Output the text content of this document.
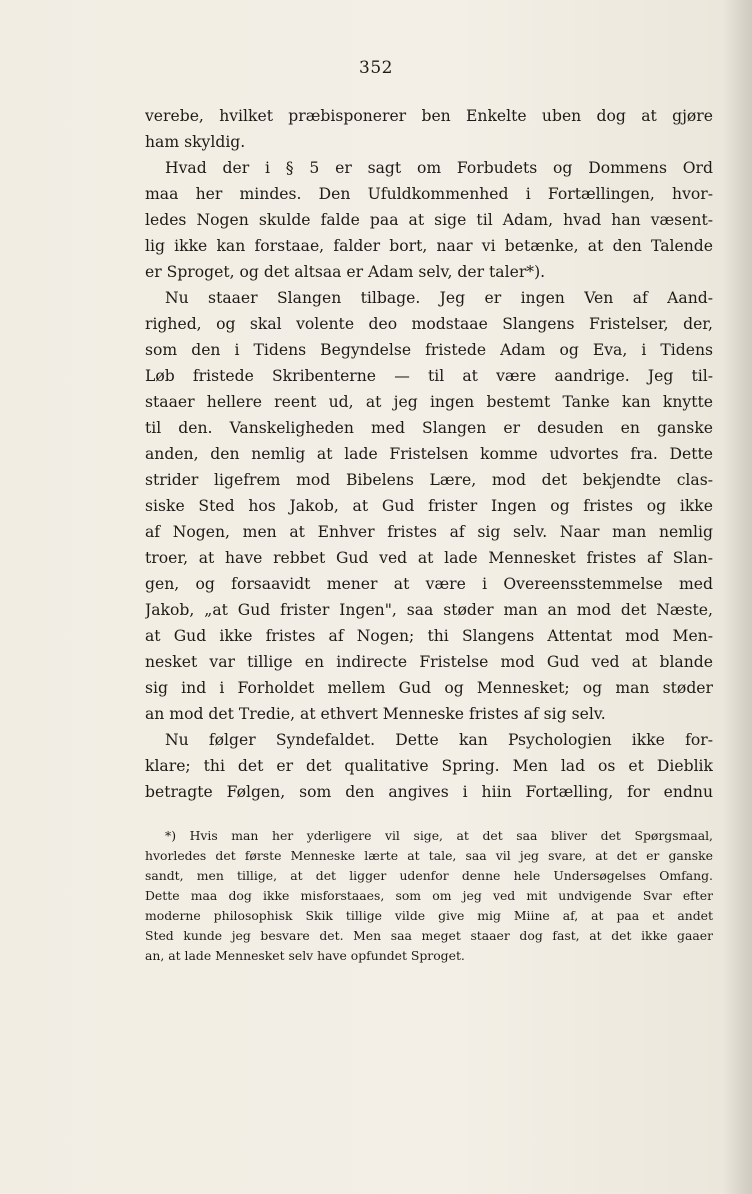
352
verebe, hvilket præbisponerer ben Enkelte uben dog at gjøre
ham skyldig.
Hvad der i § 5 er sagt om Forbudets og Dommens Ord
maa her mindes. Den Ufuldkommenhed i Fortællingen, hvor-
ledes Nogen skulde falde paa at sige til Adam, hvad han væsent-
lig ikke kan forstaae, falder bort, naar vi betænke, at den Talende
er Sproget, og det altsaa er Adam selv, der taler*).
Nu staaer Slangen tilbage. Jeg er ingen Ven af Aand-
righed, og skal volente deo modstaae Slangens Fristelser, der,
som den i Tidens Begyndelse fristede Adam og Eva, i Tidens
Løb fristede Skribenterne — til at være aandrige. Jeg til-
staaer hellere reent ud, at jeg ingen bestemt Tanke kan knytte
til den. Vanskeligheden med Slangen er desuden en ganske
anden, den nemlig at lade Fristelsen komme udvortes fra. Dette
strider ligefrem mod Bibelens Lære, mod det bekjendte clas-
siske Sted hos Jakob, at Gud frister Ingen og fristes og ikke
af Nogen, men at Enhver fristes af sig selv. Naar man nemlig
troer, at have rebbet Gud ved at lade Mennesket fristes af Slan-
gen, og forsaavidt mener at være i Overeensstemmelse med
Jakob, „at Gud frister Ingen", saa støder man an mod det Næste,
at Gud ikke fristes af Nogen; thi Slangens Attentat mod Men-
nesket var tillige en indirecte Fristelse mod Gud ved at blande
sig ind i Forholdet mellem Gud og Mennesket; og man støder
an mod det Tredie, at ethvert Menneske fristes af sig selv.
Nu følger Syndefaldet. Dette kan Psychologien ikke for-
klare; thi det er det qualitative Spring. Men lad os et Dieblik
betragte Følgen, som den angives i hiin Fortælling, for endnu
*) Hvis man her yderligere vil sige, at det saa bliver det Spørgsmaal,
hvorledes det første Menneske lærte at tale, saa vil jeg svare, at det er ganske
sandt, men tillige, at det ligger udenfor denne hele Undersøgelses Omfang.
Dette maa dog ikke misforstaaes, som om jeg ved mit undvigende Svar efter
moderne philosophisk Skik tillige vilde give mig Miine af, at paa et andet
Sted kunde jeg besvare det. Men saa meget staaer dog fast, at det ikke gaaer
an, at lade Mennesket selv have opfundet Sproget.
